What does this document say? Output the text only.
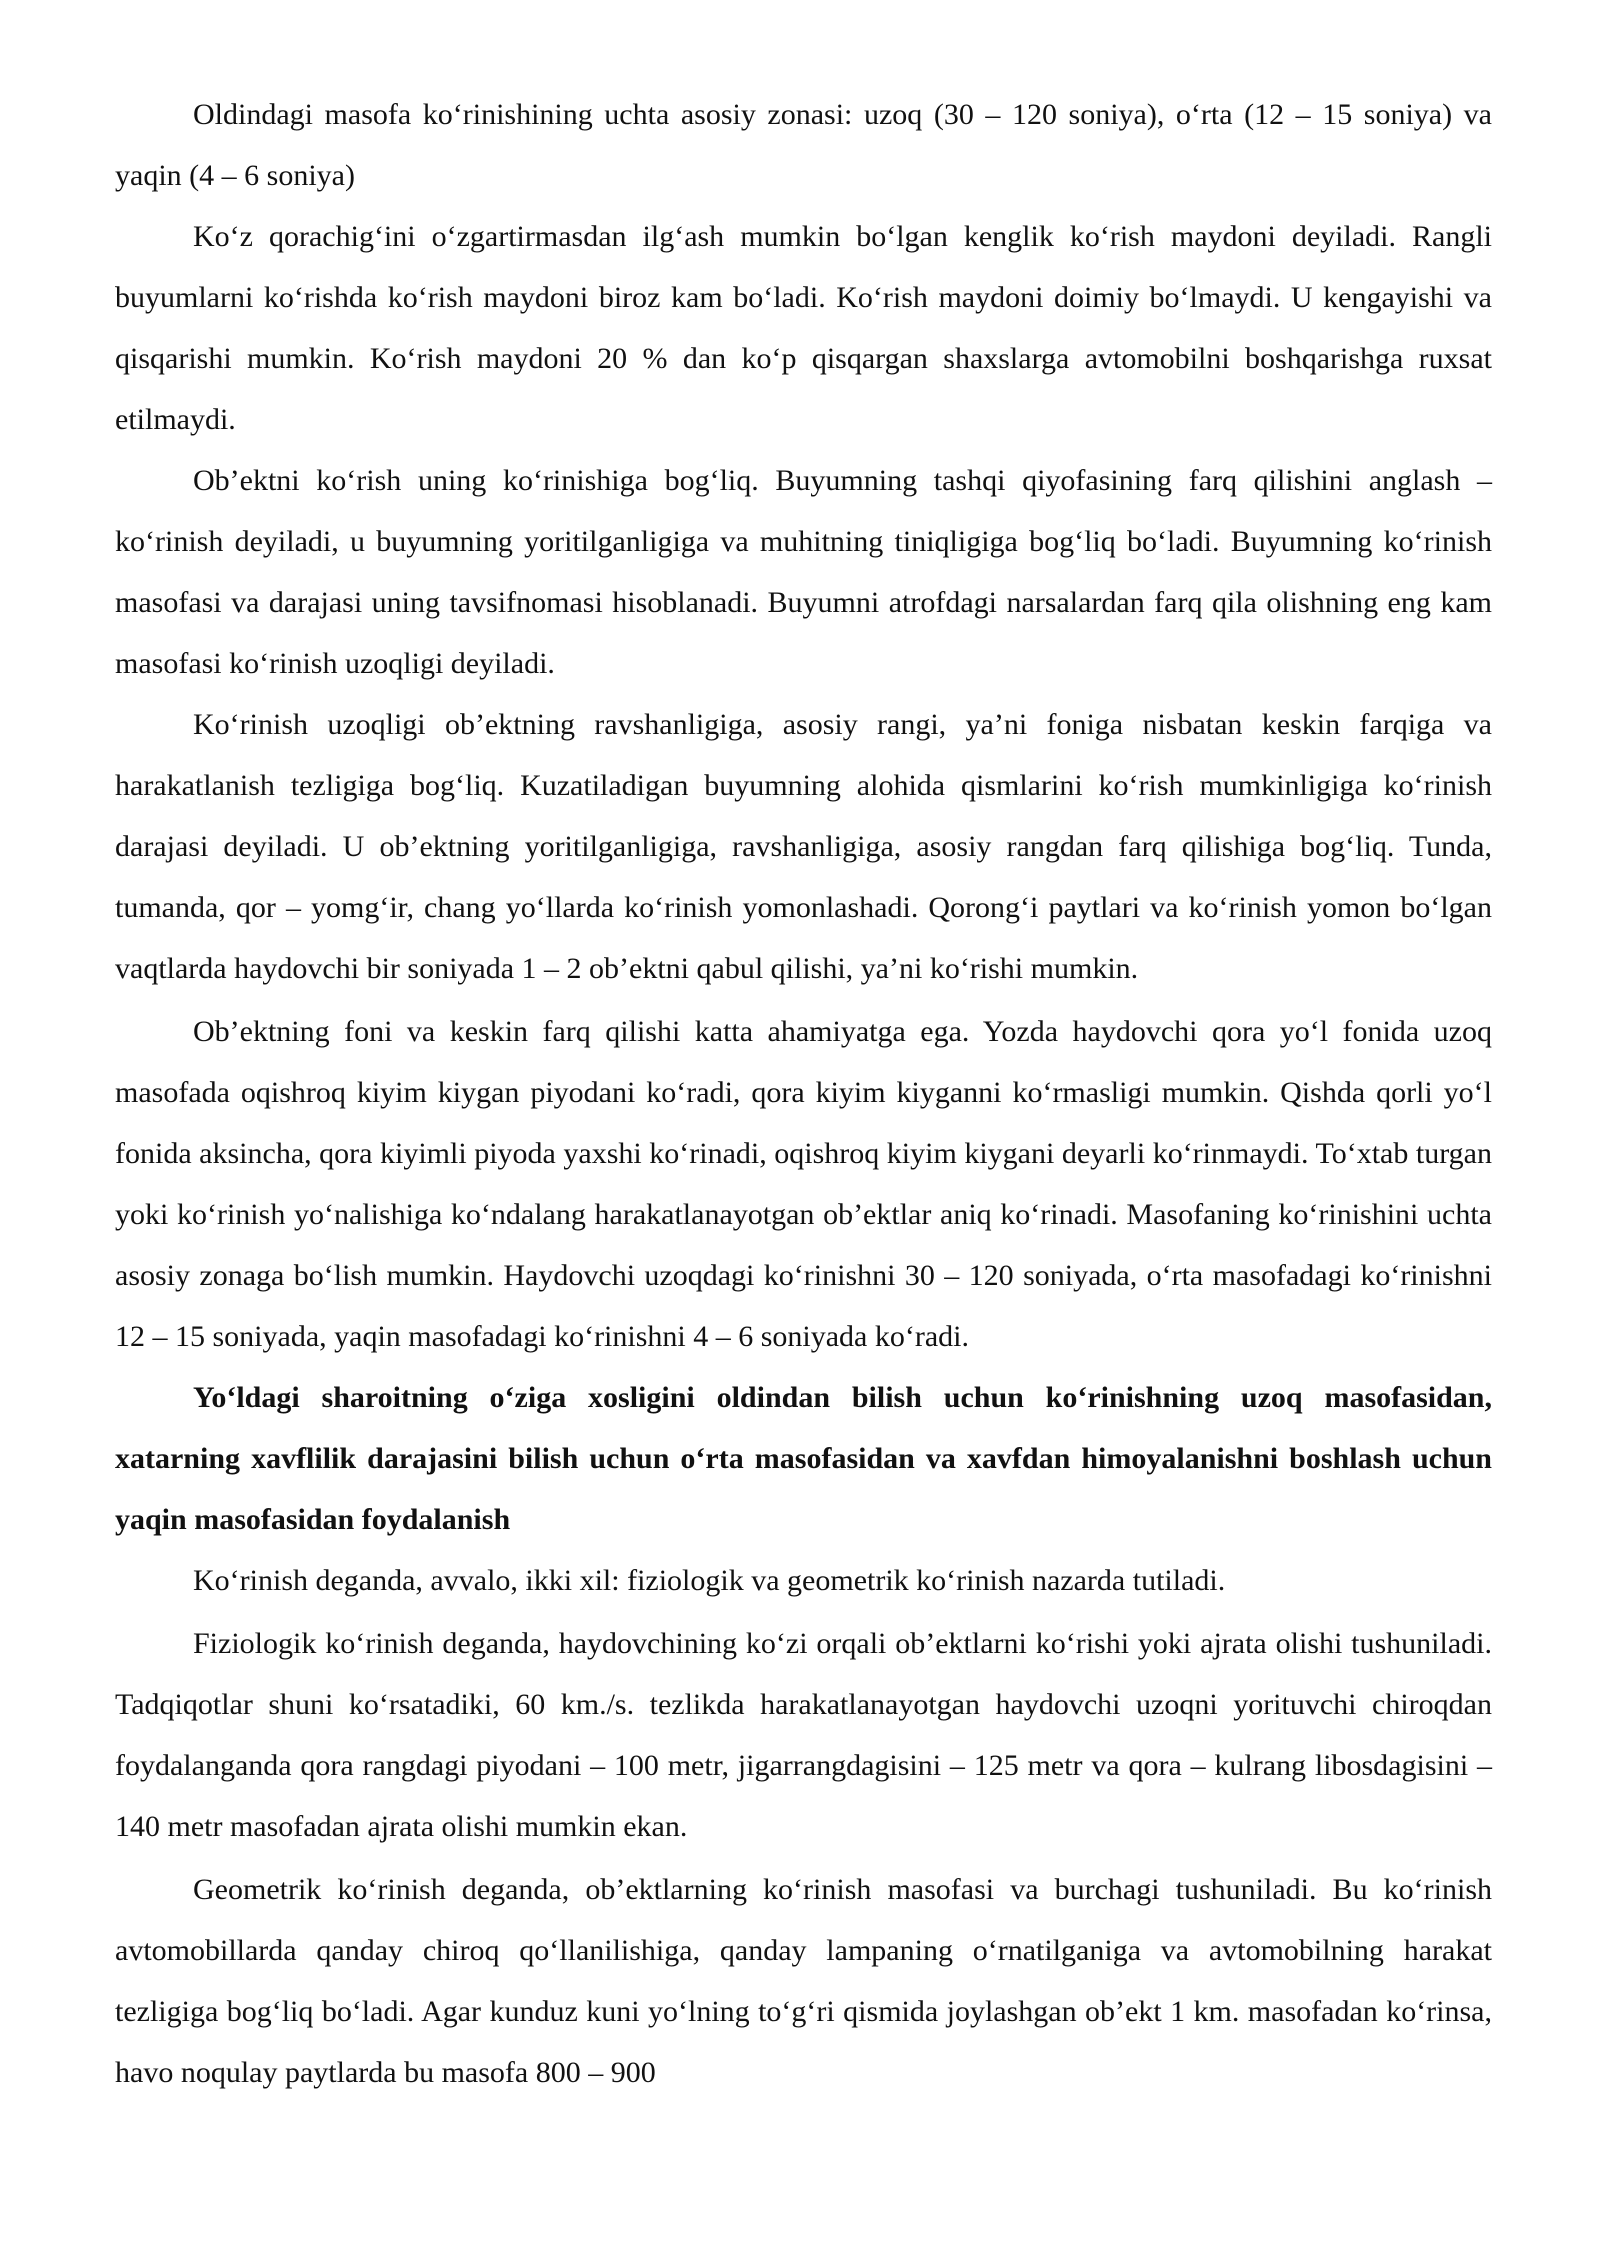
Oldindagi masofa ko‘rinishining uchta asosiy zonasi: uzoq (30 – 120 soniya), o‘rta (12 – 15 soniya) va yaqin (4 – 6 soniya)

Ko‘z qorachig‘ini o‘zgartirmasdan ilg‘ash mumkin bo‘lgan kenglik ko‘rish maydoni deyiladi. Rangli buyumlarni ko‘rishda ko‘rish maydoni biroz kam bo‘ladi. Ko‘rish maydoni doimiy bo‘lmaydi. U kengayishi va qisqarishi mumkin. Ko‘rish maydoni 20 % dan ko‘p qisqargan shaxslarga avtomobilni boshqarishga ruxsat etilmaydi.

Ob’ektni ko‘rish uning ko‘rinishiga bog‘liq. Buyumning tashqi qiyofasining farq qilishini anglash – ko‘rinish deyiladi, u buyumning yoritilganligiga va muhitning tiniqligiga bog‘liq bo‘ladi. Buyumning ko‘rinish masofasi va darajasi uning tavsifnomasi hisoblanadi. Buyumni atrofdagi narsalardan farq qila olishning eng kam masofasi ko‘rinish uzoqligi deyiladi.

Ko‘rinish uzoqligi ob’ektning ravshanligiga, asosiy rangi, ya’ni foniga nisbatan keskin farqiga va harakatlanish tezligiga bog‘liq. Kuzatiladigan buyumning alohida qismlarini ko‘rish mumkinligiga ko‘rinish darajasi deyiladi. U ob’ektning yoritilganligiga, ravshanligiga, asosiy rangdan farq qilishiga bog‘liq. Tunda, tumanda, qor – yomg‘ir, chang yo‘llarda ko‘rinish yomonlashadi. Qorong‘i paytlari va ko‘rinish yomon bo‘lgan vaqtlarda haydovchi bir soniyada 1 – 2 ob’ektni qabul qilishi, ya’ni ko‘rishi mumkin.

Ob’ektning foni va keskin farq qilishi katta ahamiyatga ega. Yozda haydovchi qora yo‘l fonida uzoq masofada oqishroq kiyim kiygan piyodani ko‘radi, qora kiyim kiyganni ko‘rmasligi mumkin. Qishda qorli yo‘l fonida aksincha, qora kiyimli piyoda yaxshi ko‘rinadi, oqishroq kiyim kiygani deyarli ko‘rinmaydi. To‘xtab turgan yoki ko‘rinish yo‘nalishiga ko‘ndalang harakatlanayotgan ob’ektlar aniq ko‘rinadi. Masofaning ko‘rinishini uchta asosiy zonaga bo‘lish mumkin. Haydovchi uzoqdagi ko‘rinishni 30 – 120 soniyada, o‘rta masofadagi ko‘rinishni 12 – 15 soniyada, yaqin masofadagi ko‘rinishni 4 – 6 soniyada ko‘radi.

Yo‘ldagi sharoitning o‘ziga xosligini oldindan bilish uchun ko‘rinishning uzoq masofasidan, xatarning xavflilik darajasini bilish uchun o‘rta masofasidan va xavfdan himoyalanishni boshlash uchun yaqin masofasidan foydalanish

Ko‘rinish deganda, avvalo, ikki xil: fiziologik va geometrik ko‘rinish nazarda tutiladi.

Fiziologik ko‘rinish deganda, haydovchining ko‘zi orqali ob’ektlarni ko‘rishi yoki ajrata olishi tushuniladi. Tadqiqotlar shuni ko‘rsatadiki, 60 km./s. tezlikda harakatlanayotgan haydovchi uzoqni yorituvchi chiroqdan foydalanganda qora rangdagi piyodani – 100 metr, jigarrangdagisini – 125 metr va qora – kulrang libosdagisini – 140 metr masofadan ajrata olishi mumkin ekan.

Geometrik ko‘rinish deganda, ob’ektlarning ko‘rinish masofasi va burchagi tushuniladi. Bu ko‘rinish avtomobillarda qanday chiroq qo‘llanilishiga, qanday lampaning o‘rnatilganiga va avtomobilning harakat tezligiga bog‘liq bo‘ladi. Agar kunduz kuni yo‘lning to‘g‘ri qismida joylashgan ob’ekt 1 km. masofadan ko‘rinsa, havo noqulay paytlarda bu masofa 800 – 900
